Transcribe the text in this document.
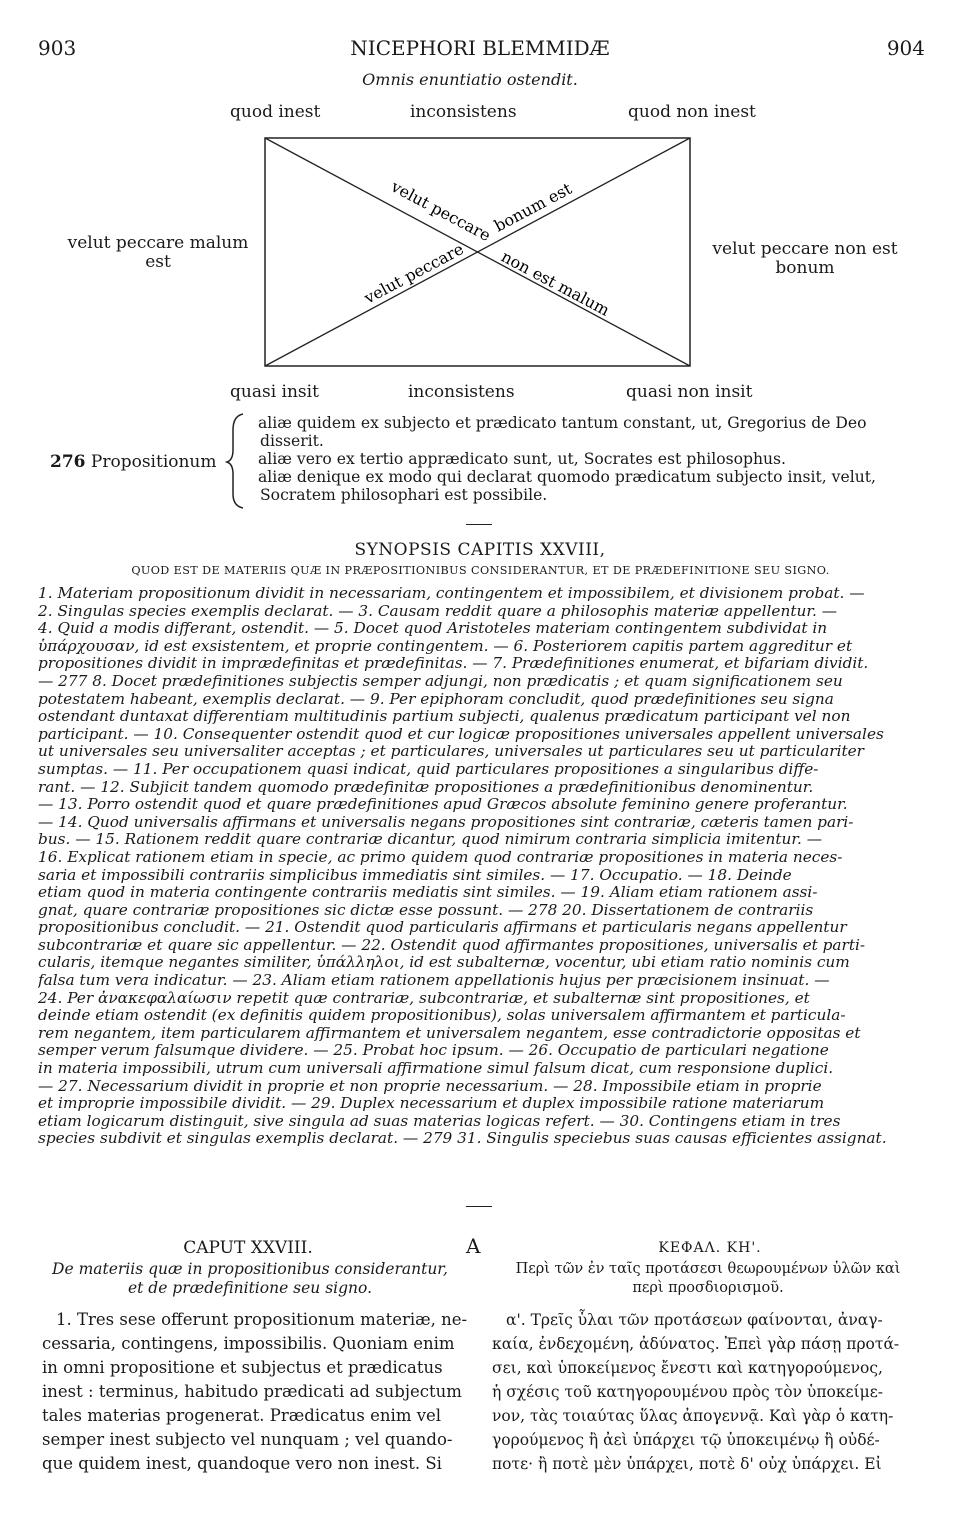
903	NICEPHORI BLEMMIDÆ	904
Omnis enuntiatio ostendit.
quod inest	inconsistens	quod non inest
velut peccare malum
est
velut peccare non est
bonum
velut peccare
bonum est
velut peccare non est malum
quasi insit	inconsistens	quasi non insit
276 Propositionum
aliæ quidem ex subjecto et prædicato tantum constant, ut, Gregorius de Deo
disserit.
aliæ vero ex tertio apprædicato sunt, ut, Socrates est philosophus.
aliæ denique ex modo qui declarat quomodo prædicatum subjecto insit, velut,
Socratem philosophari est possibile.
SYNOPSIS CAPITIS XXVIII,
QUOD EST DE MATERIIS QUÆ IN PRÆPOSITIONIBUS CONSIDERANTUR, ET DE PRÆDEFINITIONE SEU SIGNO.
1. Materiam propositionum dividit in necessariam, contingentem et impossibilem, et divisionem probat. —
2. Singulas species exemplis declarat. — 3. Causam reddit quare a philosophis materiæ appellentur. —
4. Quid a modis differant, ostendit. — 5. Docet quod Aristoteles materiam contingentem subdividat in
ὑπάρχουσαν, id est exsistentem, et proprie contingentem. — 6. Posteriorem capitis partem aggreditur et
propositiones dividit in imprædefinitas et prædefinitas. — 7. Prædefinitiones enumerat, et bifariam dividit.
— 277 8. Docet prædefinitiones subjectis semper adjungi, non prædicatis ; et quam significationem seu
potestatem habeant, exemplis declarat. — 9. Per epiphoram concludit, quod prædefinitiones seu signa
ostendant duntaxat differentiam multitudinis partium subjecti, qualenus prædicatum participant vel non
participant. — 10. Consequenter ostendit quod et cur logicæ propositiones universales appellent universales
ut universales seu universaliter acceptas ; et particulares, universales ut particulares seu ut particulariter
sumptas. — 11. Per occupationem quasi indicat, quid particulares propositiones a singularibus diffe-
rant. — 12. Subjicit tandem quomodo prædefinitæ propositiones a prædefinitionibus denominentur.
— 13. Porro ostendit quod et quare prædefinitiones apud Græcos absolute feminino genere proferantur.
— 14. Quod universalis affirmans et universalis negans propositiones sint contrariæ, cæteris tamen pari-
bus. — 15. Rationem reddit quare contrariæ dicantur, quod nimirum contraria simplicia imitentur. —
16. Explicat rationem etiam in specie, ac primo quidem quod contrariæ propositiones in materia neces-
saria et impossibili contrariis simplicibus immediatis sint similes. — 17. Occupatio. — 18. Deinde
etiam quod in materia contingente contrariis mediatis sint similes. — 19. Aliam etiam rationem assi-
gnat, quare contrariæ propositiones sic dictæ esse possunt. — 278 20. Dissertationem de contrariis
propositionibus concludit. — 21. Ostendit quod particularis affirmans et particularis negans appellentur
subcontrariæ et quare sic appellentur. — 22. Ostendit quod affirmantes propositiones, universalis et parti-
cularis, itemque negantes similiter, ὑπάλληλοι, id est subalternæ, vocentur, ubi etiam ratio nominis cum
falsa tum vera indicatur. — 23. Aliam etiam rationem appellationis hujus per præcisionem insinuat. —
24. Per ἀνακεφαλαίωσιν repetit quæ contrariæ, subcontrariæ, et subalternæ sint propositiones, et
deinde etiam ostendit (ex definitis quidem propositionibus), solas universalem affirmantem et particula-
rem negantem, item particularem affirmantem et universalem negantem, esse contradictorie oppositas et
semper verum falsumque dividere. — 25. Probat hoc ipsum. — 26. Occupatio de particulari negatione
in materia impossibili, utrum cum universali affirmatione simul falsum dicat, cum responsione duplici.
— 27. Necessarium dividit in proprie et non proprie necessarium. — 28. Impossibile etiam in proprie
et improprie impossibile dividit. — 29. Duplex necessarium et duplex impossibile ratione materiarum
etiam logicarum distinguit, sive singula ad suas materias logicas refert. — 30. Contingens etiam in tres
species subdivit et singulas exemplis declarat. — 279 31. Singulis speciebus suas causas efficientes assignat.
CAPUT XXVIII.
De materiis quæ in propositionibus considerantur,
et de prædefinitione seu signo.
1. Tres sese offerunt propositionum materiæ, ne-
cessaria, contingens, impossibilis. Quoniam enim
in omni propositione et subjectus et prædicatus
inest : terminus, habitudo prædicati ad subjectum
tales materias progenerat. Prædicatus enim vel
semper inest subjecto vel nunquam ; vel quando-
que quidem inest, quandoque vero non inest. Si
A	ΚΕΦΑΛ. ΚΗ'.
Περὶ τῶν ἐν ταῖς προτάσεσι θεωρουμένων ὑλῶν καὶ
περὶ προσδιορισμοῦ.
α'. Τρεῖς ὗλαι τῶν προτάσεων φαίνονται, ἀναγ-
καία, ἐνδεχομένη, ἀδύνατος. Ἐπεὶ γὰρ πάσῃ προτά-
σει, καὶ ὑποκείμενος ἔνεστι καὶ κατηγορούμενος,
ἡ σχέσις τοῦ κατηγορουμένου πρὸς τὸν ὑποκείμε-
νον, τὰς τοιαύτας ὕλας ἀπογεννᾷ. Καὶ γὰρ ὁ κατη-
γορούμενος ἢ ἀεὶ ὑπάρχει τῷ ὑποκειμένῳ ἢ οὐδέ-
ποτε· ἢ ποτὲ μὲν ὑπάρχει, ποτὲ δ' οὐχ ὑπάρχει. Εἰ
